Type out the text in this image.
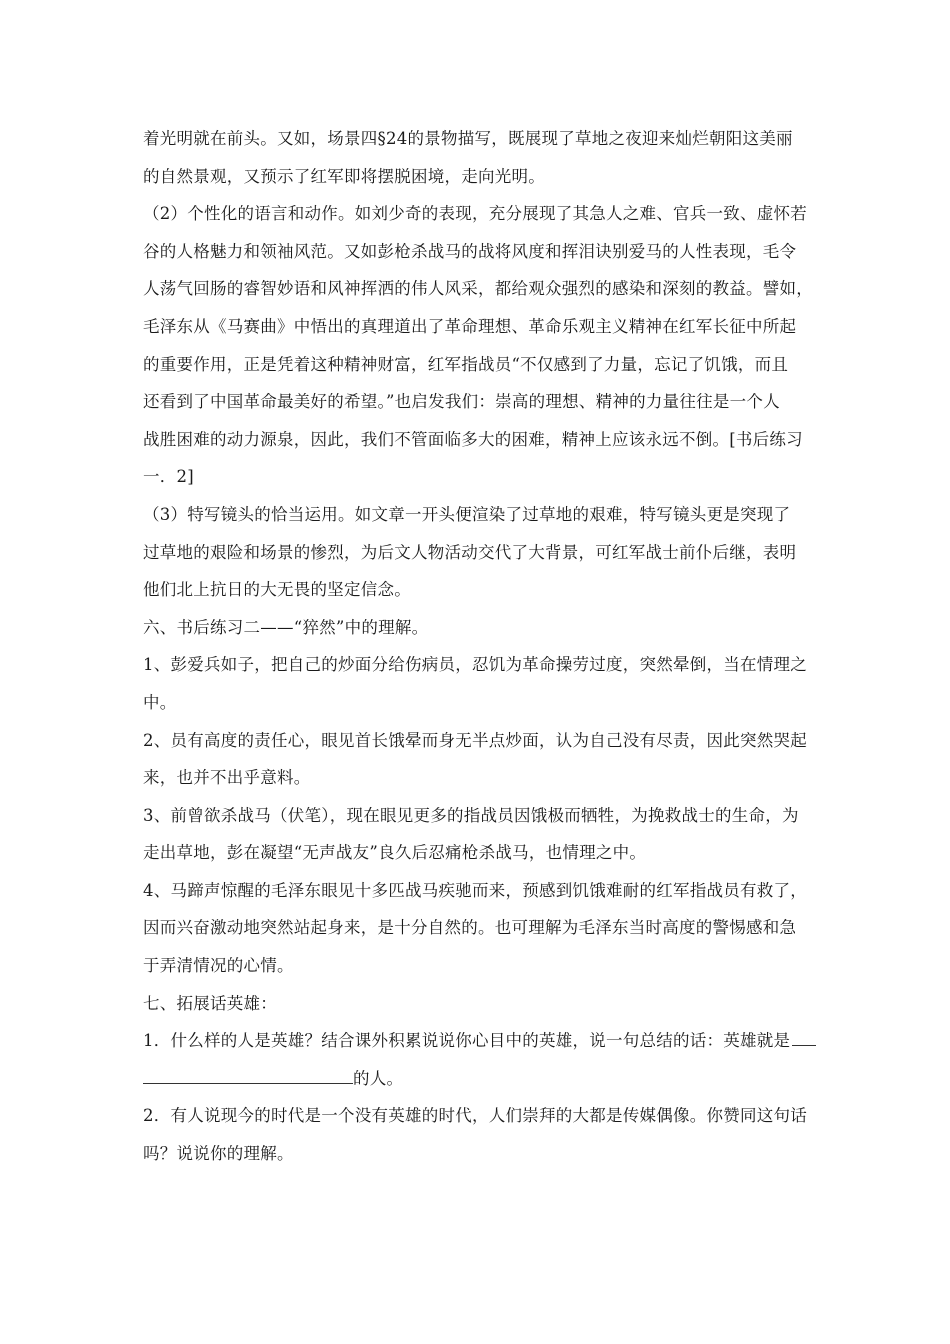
着光明就在前头。又如，场景四§24的景物描写，既展现了草地之夜迎来灿烂朝阳这美丽
的自然景观，又预示了红军即将摆脱困境，走向光明。
（2）个性化的语言和动作。如刘少奇的表现，充分展现了其急人之难、官兵一致、虚怀若
谷的人格魅力和领袖风范。又如彭枪杀战马的战将风度和挥泪诀别爱马的人性表现，毛令
人荡气回肠的睿智妙语和风神挥洒的伟人风采，都给观众强烈的感染和深刻的教益。譬如，
毛泽东从《马赛曲》中悟出的真理道出了革命理想、革命乐观主义精神在红军长征中所起
的重要作用，正是凭着这种精神财富，红军指战员“不仅感到了力量，忘记了饥饿，而且
还看到了中国革命最美好的希望。”也启发我们：崇高的理想、精神的力量往往是一个人
战胜困难的动力源泉，因此，我们不管面临多大的困难，精神上应该永远不倒。[书后练习
一．2]
（3）特写镜头的恰当运用。如文章一开头便渲染了过草地的艰难，特写镜头更是突现了
过草地的艰险和场景的惨烈，为后文人物活动交代了大背景，可红军战士前仆后继，表明
他们北上抗日的大无畏的坚定信念。
六、书后练习二——“猝然”中的理解。
1、彭爱兵如子，把自己的炒面分给伤病员，忍饥为革命操劳过度，突然晕倒，当在情理之
中。
2、员有高度的责任心，眼见首长饿晕而身无半点炒面，认为自己没有尽责，因此突然哭起
来，也并不出乎意料。
3、前曾欲杀战马（伏笔），现在眼见更多的指战员因饿极而牺牲，为挽救战士的生命，为
走出草地，彭在凝望“无声战友”良久后忍痛枪杀战马，也情理之中。
4、马蹄声惊醒的毛泽东眼见十多匹战马疾驰而来，预感到饥饿难耐的红军指战员有救了，
因而兴奋激动地突然站起身来，是十分自然的。也可理解为毛泽东当时高度的警惕感和急
于弄清情况的心情。
七、拓展话英雄：
1．什么样的人是英雄？结合课外积累说说你心目中的英雄，说一句总结的话：英雄就是
的人。
2．有人说现今的时代是一个没有英雄的时代，人们崇拜的大都是传媒偶像。你赞同这句话
吗？说说你的理解。
